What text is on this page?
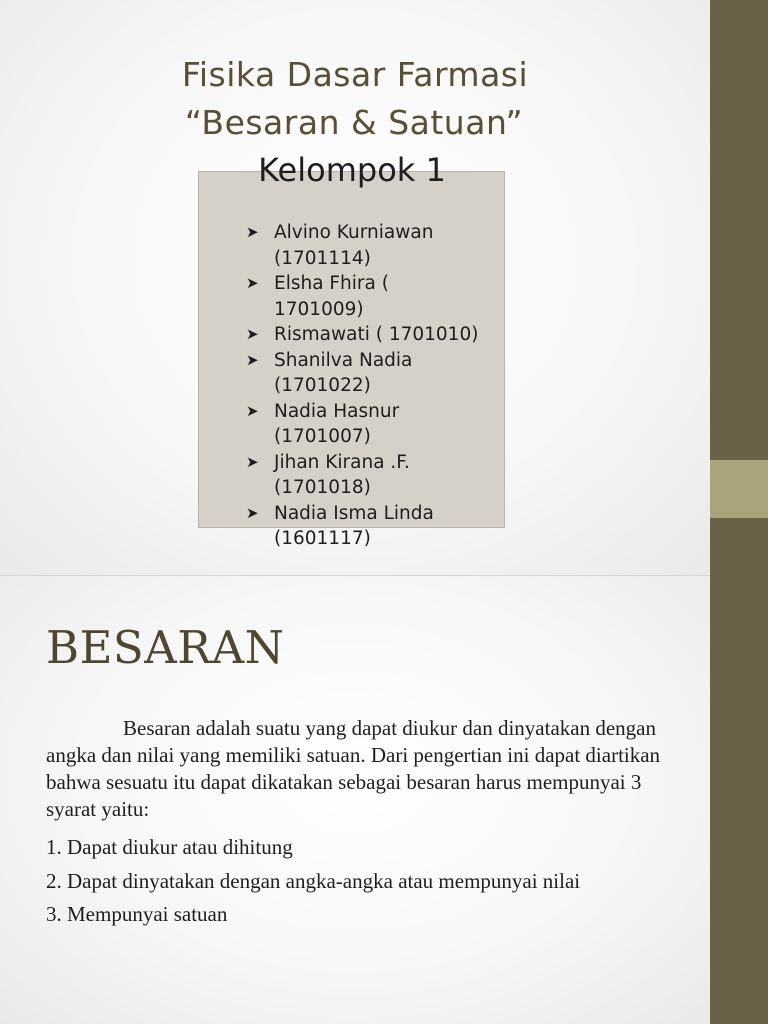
Fisika Dasar Farmasi
“Besaran & Satuan”
Kelompok 1
➤ Alvino Kurniawan
(1701114)
➤ Elsha Fhira (
1701009)
➤ Rismawati ( 1701010)
➤ Shanilva Nadia
(1701022)
➤ Nadia Hasnur
(1701007)
➤ Jihan Kirana .F.
(1701018)
➤ Nadia Isma Linda
(1601117)
BESARAN

Besaran adalah suatu yang dapat diukur dan dinyatakan dengan angka dan nilai yang memiliki satuan. Dari pengertian ini dapat diartikan bahwa sesuatu itu dapat dikatakan sebagai besaran harus mempunyai 3 syarat yaitu:

1. Dapat diukur atau dihitung
2. Dapat dinyatakan dengan angka-angka atau mempunyai nilai
3. Mempunyai satuan
